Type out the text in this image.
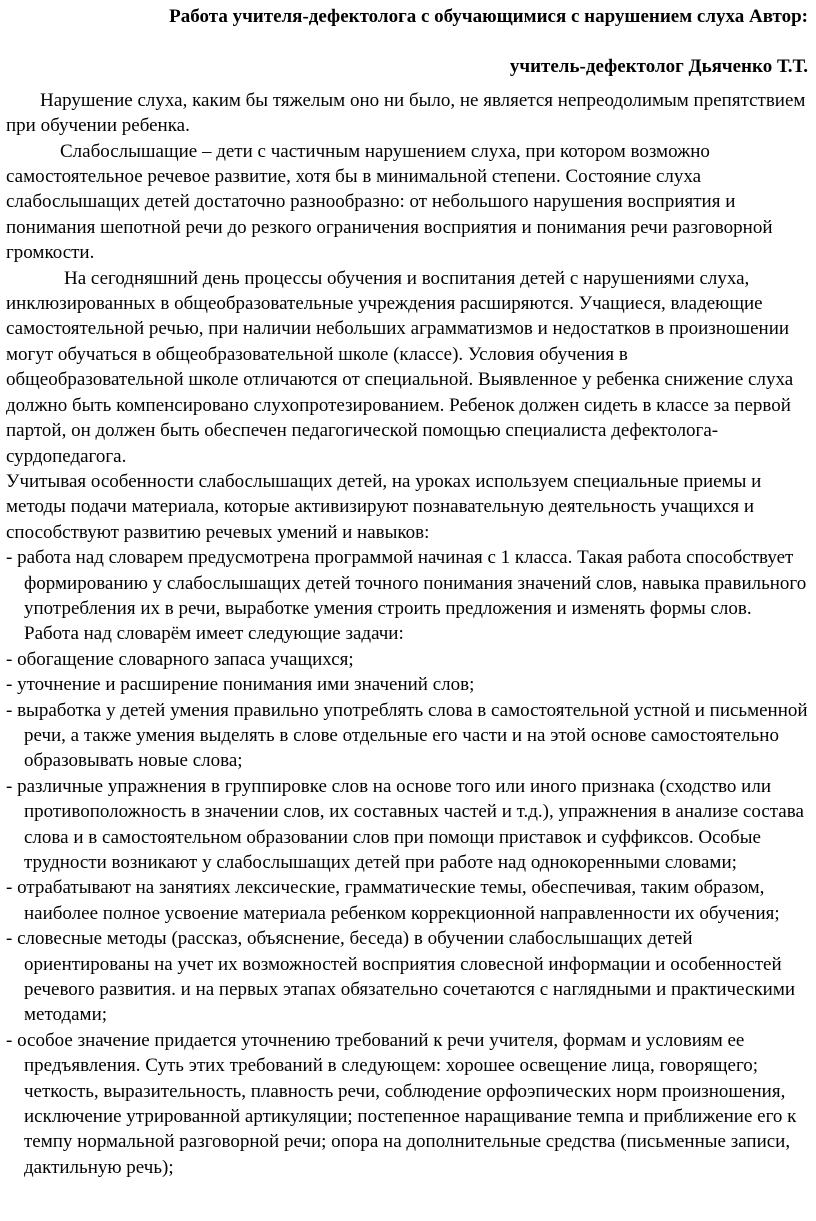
Работа учителя-дефектолога с обучающимися с нарушением слуха Автор:

учитель-дефектолог Дьяченко Т.Т.

Нарушение слуха, каким бы тяжелым оно ни было, не является непреодолимым препятствием при обучении ребенка.

Слабослышащие – дети с частичным нарушением слуха, при котором возможно самостоятельное речевое развитие, хотя бы в минимальной степени. Состояние слуха слабослышащих детей достаточно разнообразно: от небольшого нарушения восприятия и понимания шепотной речи до резкого ограничения восприятия и понимания речи разговорной громкости.

На сегодняшний день процессы обучения и воспитания детей с нарушениями слуха, инклюзированных в общеобразовательные учреждения расширяются. Учащиеся, владеющие самостоятельной речью, при наличии небольших аграмматизмов и недостатков в произношении могут обучаться в общеобразовательной школе (классе). Условия обучения в общеобразовательной школе отличаются от специальной. Выявленное у ребенка снижение слуха должно быть компенсировано слухопротезированием. Ребенок должен сидеть в классе за первой партой, он должен быть обеспечен педагогической помощью специалиста дефектолога- сурдопедагога.

Учитывая особенности слабослышащих детей, на уроках используем специальные приемы и методы подачи материала, которые активизируют познавательную деятельность учащихся и способствуют развитию речевых умений и навыков:

- работа над словарем предусмотрена программой начиная с 1 класса. Такая работа способствует формированию у слабослышащих детей точного понимания значений слов, навыка правильного употребления их в речи, выработке умения строить предложения и изменять формы слов. Работа над словарём имеет следующие задачи:
- обогащение словарного запаса учащихся;
- уточнение и расширение понимания ими значений слов;
- выработка у детей умения правильно употреблять слова в самостоятельной устной и письменной речи, а также умения выделять в слове отдельные его части и на этой основе самостоятельно образовывать новые слова;
- различные упражнения в группировке слов на основе того или иного признака (сходство или противоположность в значении слов, их составных частей и т.д.), упражнения в анализе состава слова и в самостоятельном образовании слов при помощи приставок и суффиксов. Особые трудности возникают у слабослышащих детей при работе над однокоренными словами;
- отрабатывают на занятиях лексические, грамматические темы, обеспечивая, таким образом, наиболее полное усвоение материала ребенком коррекционной направленности их обучения;
- словесные методы (рассказ, объяснение, беседа) в обучении слабослышащих детей ориентированы на учет их возможностей восприятия словесной информации и особенностей речевого развития. и на первых этапах обязательно сочетаются с наглядными и практическими методами;
- особое значение придается уточнению требований к речи учителя, формам и условиям ее предъявления. Суть этих требований в следующем: хорошее освещение лица, говорящего; четкость, выразительность, плавность речи, соблюдение орфоэпических норм произношения, исключение утрированной артикуляции; постепенное наращивание темпа и приближение его к темпу нормальной разговорной речи; опора на дополнительные средства (письменные записи, дактильную речь);
